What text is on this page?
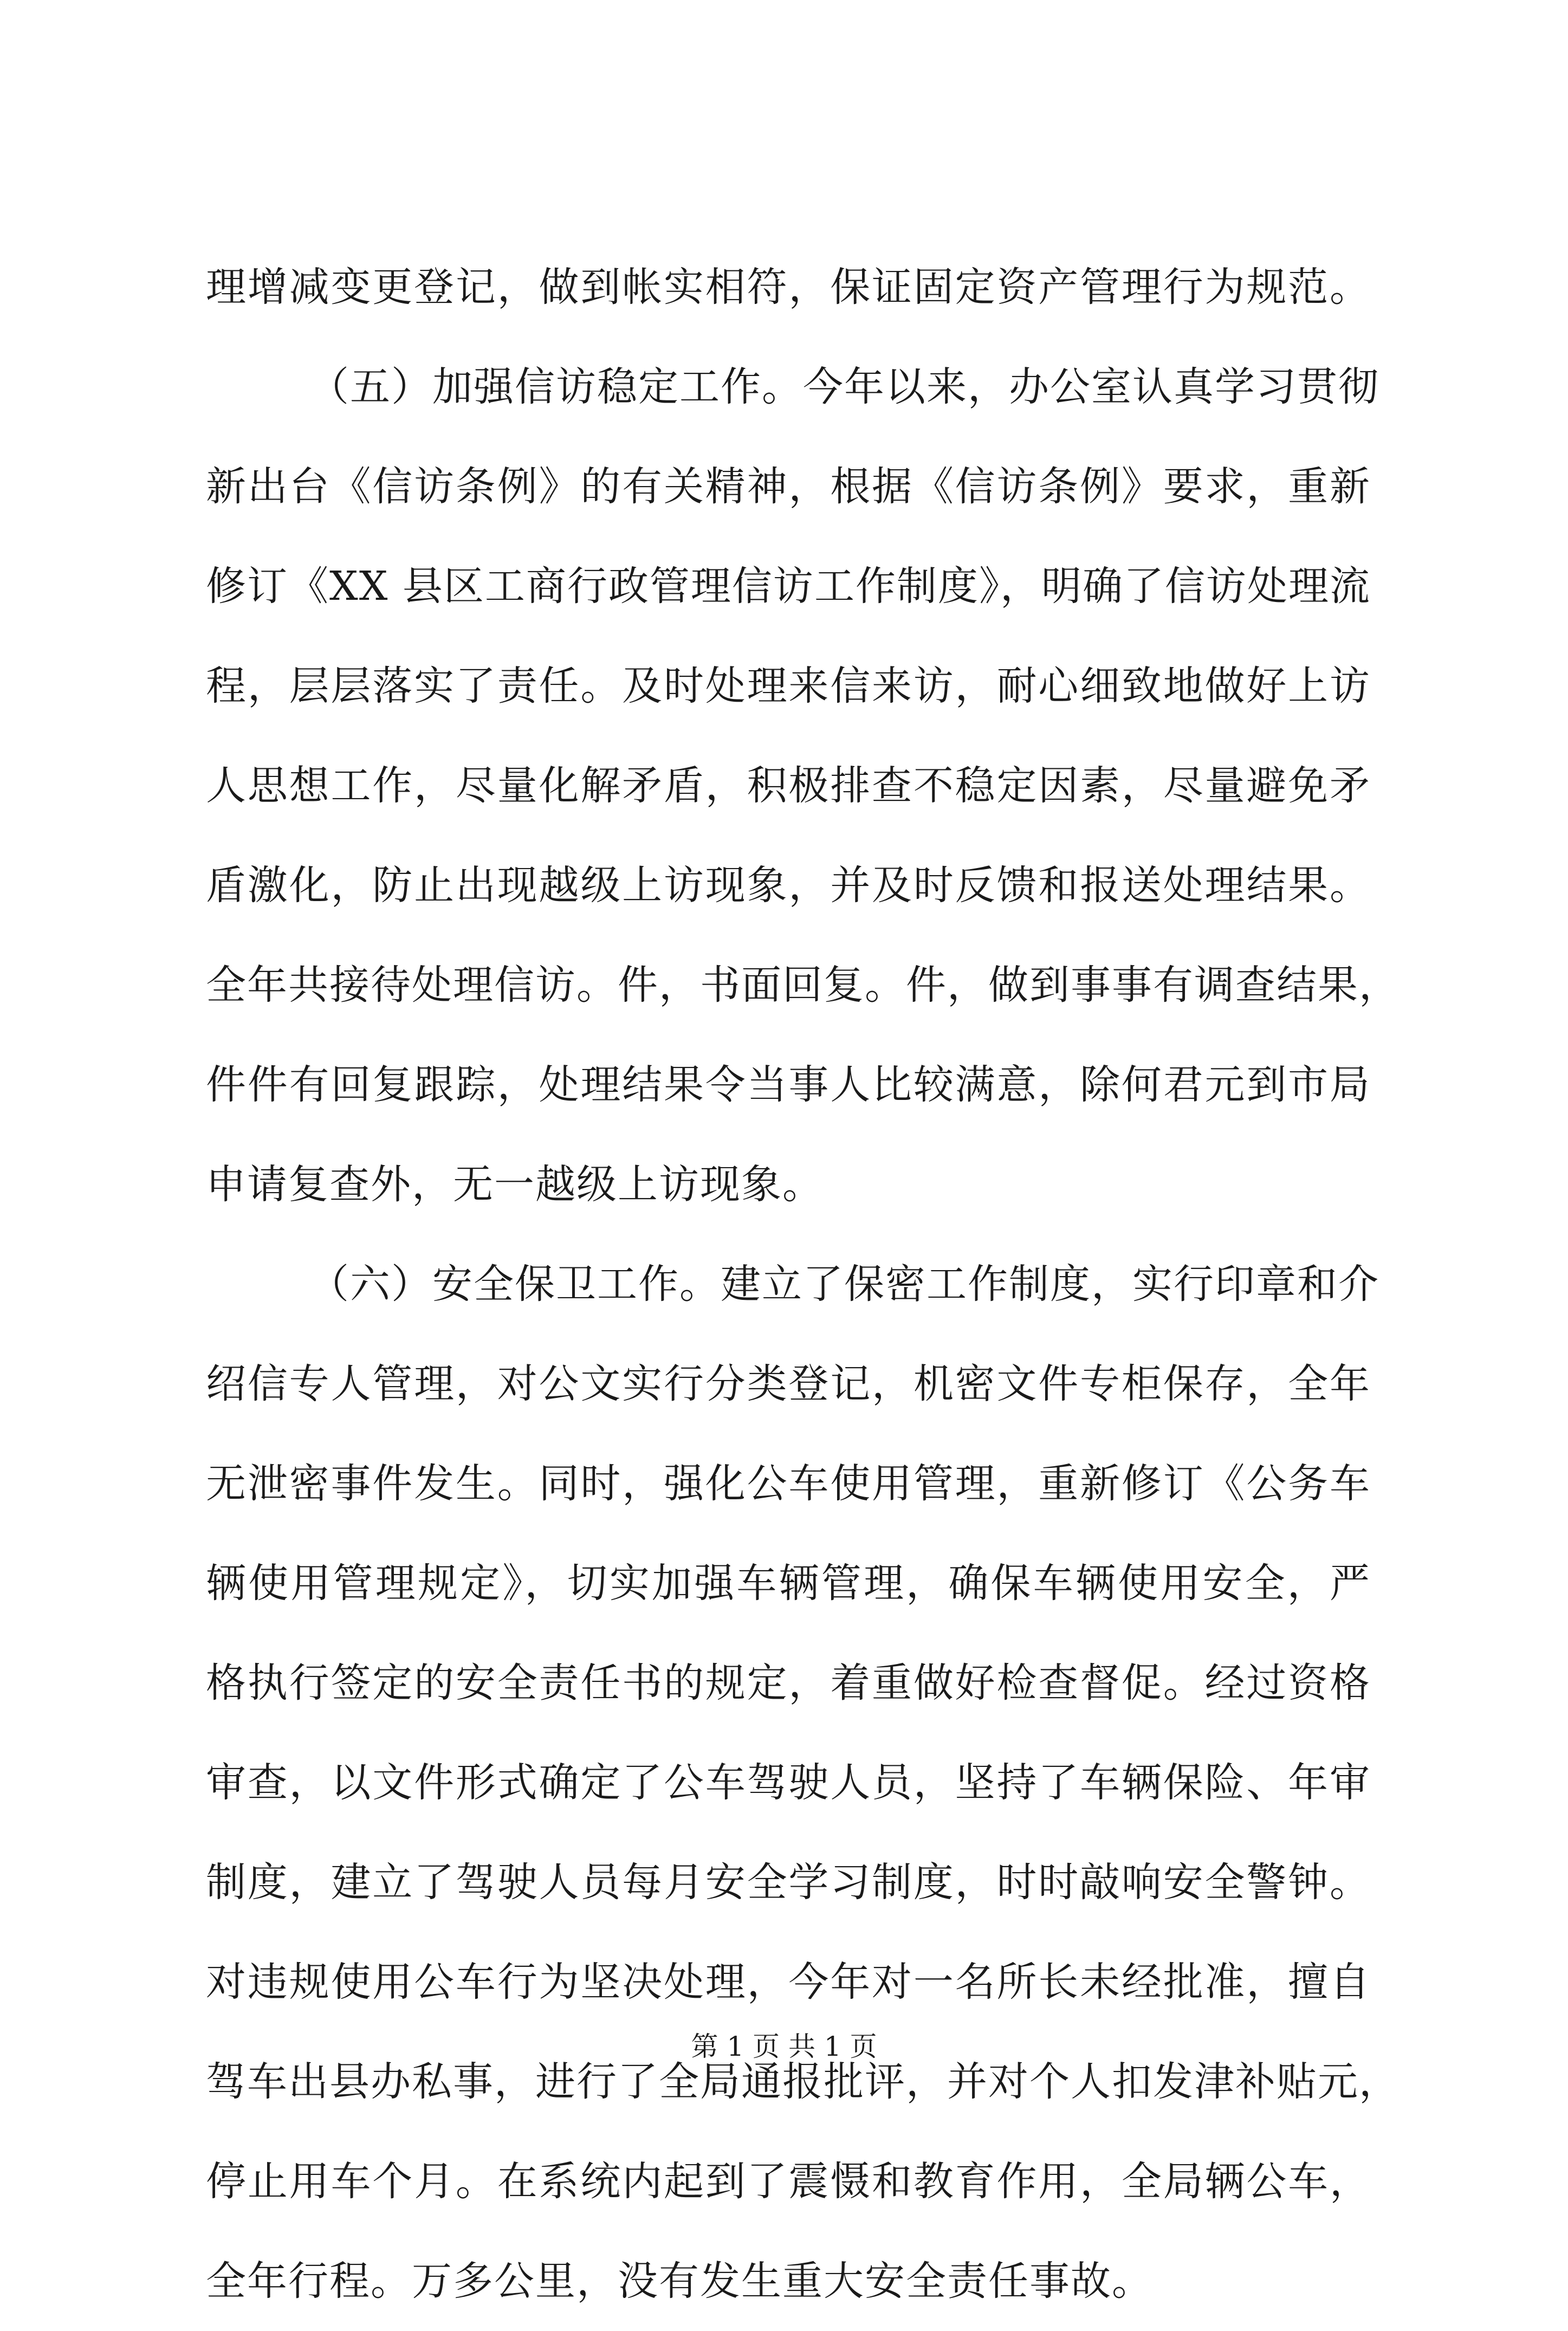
理增减变更登记，做到帐实相符，保证固定资产管理行为规范。
（五）加强信访稳定工作。今年以来，办公室认真学习贯彻
新出台《信访条例》的有关精神，根据《信访条例》要求，重新
修订《XX 县区工商行政管理信访工作制度》，明确了信访处理流
程，层层落实了责任。及时处理来信来访，耐心细致地做好上访
人思想工作，尽量化解矛盾，积极排查不稳定因素，尽量避免矛
盾激化，防止出现越级上访现象，并及时反馈和报送处理结果。
全年共接待处理信访。件，书面回复。件，做到事事有调查结果，
件件有回复跟踪，处理结果令当事人比较满意，除何君元到市局
申请复查外，无一越级上访现象。
（六）安全保卫工作。建立了保密工作制度，实行印章和介
绍信专人管理，对公文实行分类登记，机密文件专柜保存，全年
无泄密事件发生。同时，强化公车使用管理，重新修订《公务车
辆使用管理规定》，切实加强车辆管理，确保车辆使用安全，严
格执行签定的安全责任书的规定，着重做好检查督促。经过资格
审查，以文件形式确定了公车驾驶人员，坚持了车辆保险、年审
制度，建立了驾驶人员每月安全学习制度，时时敲响安全警钟。
对违规使用公车行为坚决处理，今年对一名所长未经批准，擅自
驾车出县办私事，进行了全局通报批评，并对个人扣发津补贴元，
停止用车个月。在系统内起到了震慑和教育作用，全局辆公车，
全年行程。万多公里，没有发生重大安全责任事故。
第 1 页 共 1 页
